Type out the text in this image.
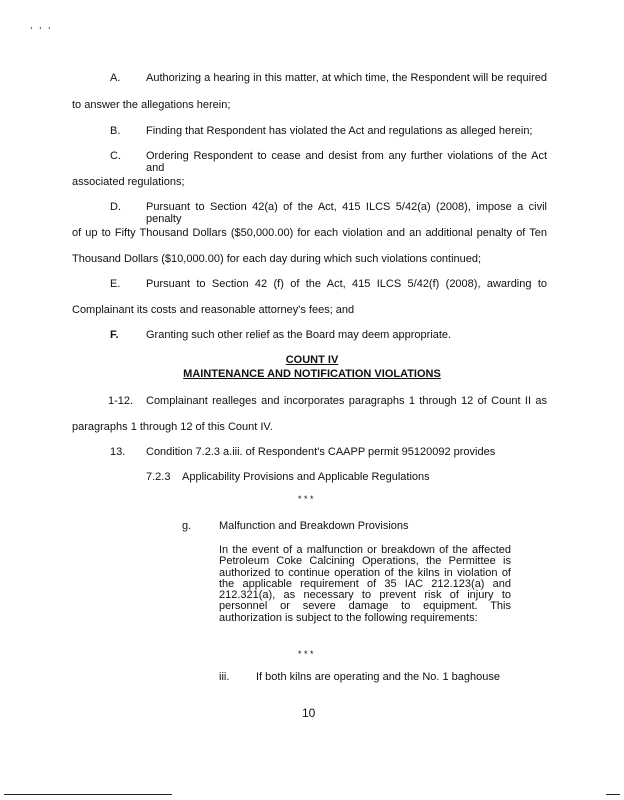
, , ,
A. Authorizing a hearing in this matter, at which time, the Respondent will be required
to answer the allegations herein;
B. Finding that Respondent has violated the Act and regulations as alleged herein;
C. Ordering Respondent to cease and desist from any further violations of the Act and
associated regulations;
D. Pursuant to Section 42(a) of the Act, 415 ILCS 5/42(a) (2008), impose a civil penalty
of up to Fifty Thousand Dollars ($50,000.00) for each violation and an additional penalty of Ten
Thousand Dollars ($10,000.00) for each day during which such violations continued;
E. Pursuant to Section 42 (f) of the Act, 415 ILCS 5/42(f) (2008), awarding to
Complainant its costs and reasonable attorney's fees; and
F. Granting such other relief as the Board may deem appropriate.
COUNT IV
MAINTENANCE AND NOTIFICATION VIOLATIONS
1-12. Complainant realleges and incorporates paragraphs 1 through 12 of Count II as
paragraphs 1 through 12 of this Count IV.
13. Condition 7.2.3 a.iii. of Respondent's CAAPP permit 95120092 provides
7.2.3 Applicability Provisions and Applicable Regulations
* * *
g.	Malfunction and Breakdown Provisions
In the event of a malfunction or breakdown of the affected
Petroleum Coke Calcining Operations, the Permittee is
authorized to continue operation of the kilns in violation of
the applicable requirement of 35 IAC 212.123(a) and
212.321(a), as necessary to prevent risk of injury to
personnel or severe damage to equipment. This
authorization is subject to the following requirements:
* * *
iii. If both kilns are operating and the No. 1 baghouse
10
